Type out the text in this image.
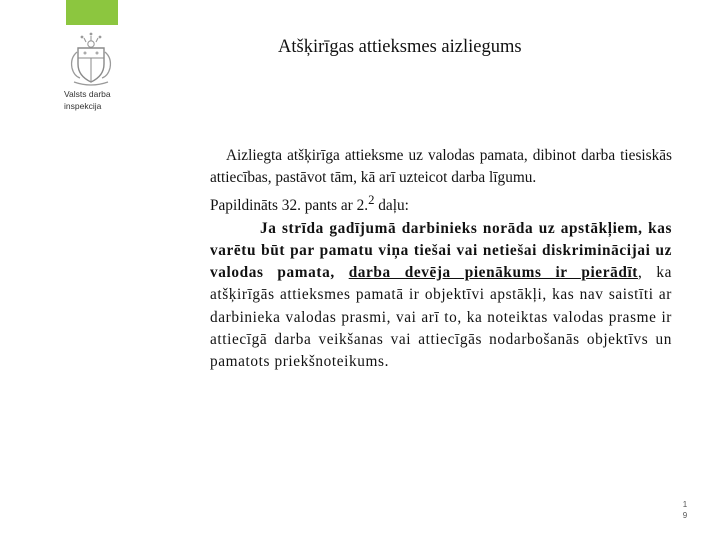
Valsts darba
inspekcija
Atšķirīgas attieksmes aizliegums

Aizliegta atšķirīga attieksme uz valodas pamata, dibinot darba tiesiskās attiecības, pastāvot tām, kā arī uzteicot darba līgumu.

Papildināts 32. pants ar 2.$^2$ daļu:

Ja strīda gadījumā darbinieks norāda uz apstākļiem, kas varētu būt par pamatu viņa tiešai vai netiešai diskriminācijai uz valodas pamata, darba devēja pienākums ir pierādīt, ka atšķirīgās attieksmes pamatā ir objektīvi apstākļi, kas nav saistīti ar darbinieka valodas prasmi, vai arī to, ka noteiktas valodas prasme ir attiecīgā darba veikšanas vai attiecīgās nodarbošanās objektīvs un pamatots priekšnoteikums.

1
9
